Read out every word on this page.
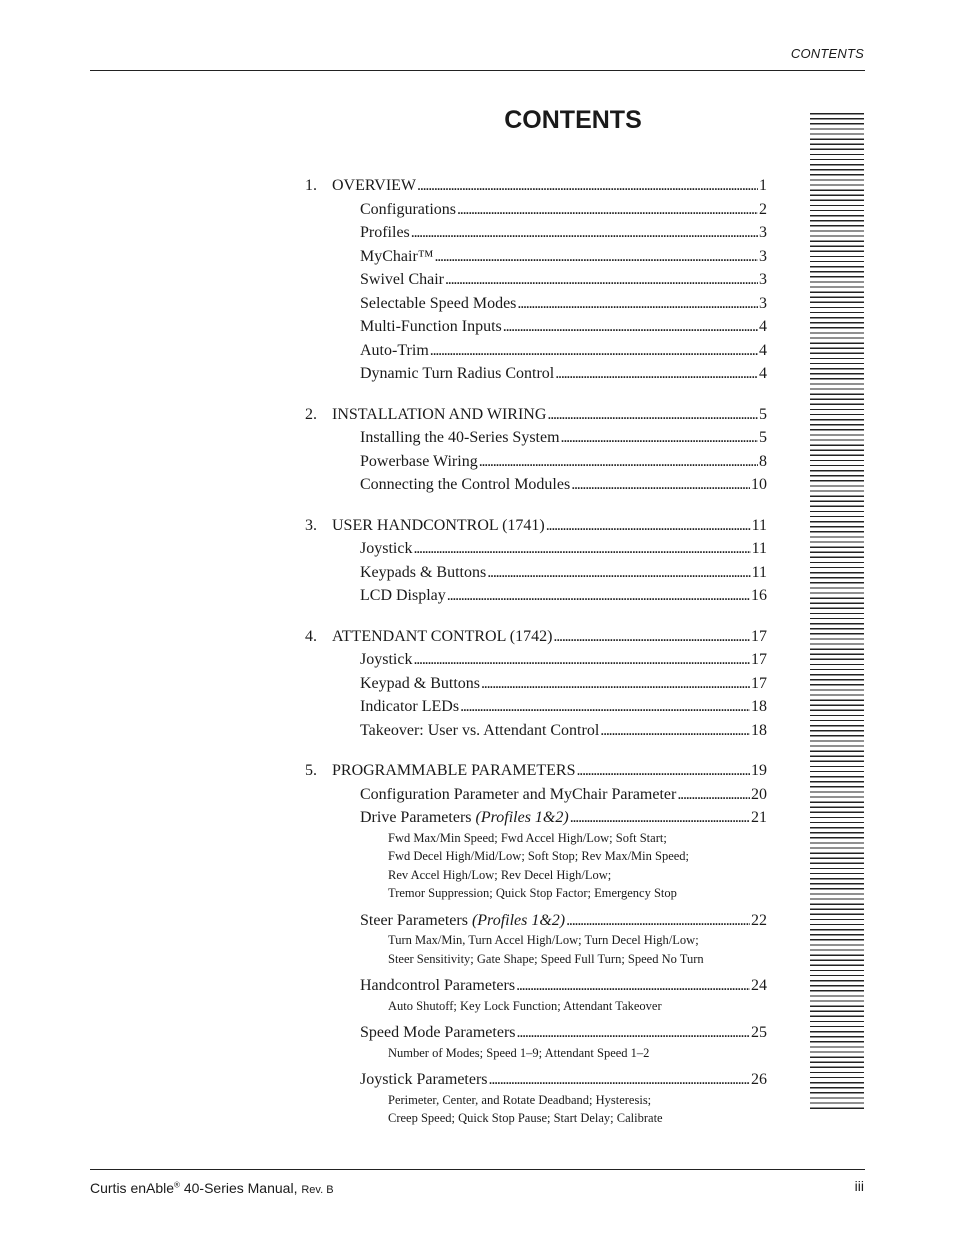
CONTENTS
CONTENTS
1. OVERVIEW . . .	1
Configurations . . .	2
Profiles . . .	3
MyChair™ . . .	3
Swivel Chair . . .	3
Selectable Speed Modes . . .	3
Multi-Function Inputs . . .	4
Auto-Trim . . .	4
Dynamic Turn Radius Control . . .	4
2. INSTALLATION AND WIRING . . .	5
Installing the 40-Series System . . .	5
Powerbase Wiring . . .	8
Connecting the Control Modules . . .	10
3. USER HANDCONTROL (1741) . . .	11
Joystick . . .	11
Keypads & Buttons . . .	11
LCD Display . . .	16
4. ATTENDANT CONTROL (1742) . . .	17
Joystick . . .	17
Keypad & Buttons . . .	17
Indicator LEDs . . .	18
Takeover: User vs. Attendant Control . . .	18
5. PROGRAMMABLE PARAMETERS . . .	19
Configuration Parameter and MyChair Parameter . . .	20
Drive Parameters
(Profiles 1&2) . . .	21
Fwd Max/Min Speed; Fwd Accel High/Low; Soft Start;
Fwd Decel High/Mid/Low; Soft Stop; Rev Max/Min Speed;
Rev Accel High/Low; Rev Decel High/Low;
Tremor Suppression; Quick Stop Factor; Emergency Stop
Steer Parameters
(Profiles 1&2) . . .	22
Turn Max/Min, Turn Accel High/Low; Turn Decel High/Low;
Steer Sensitivity; Gate Shape; Speed Full Turn; Speed No Turn
Handcontrol Parameters . . .	24
Auto Shutoff; Key Lock Function; Attendant Takeover
Speed Mode Parameters . . .	25
Number of Modes; Speed 1–9; Attendant Speed 1–2
Joystick Parameters . . .	26
Perimeter, Center, and Rotate Deadband; Hysteresis;
Creep Speed; Quick Stop Pause; Start Delay; Calibrate
Curtis enAble® 40-Series Manual, Rev. B	iii
